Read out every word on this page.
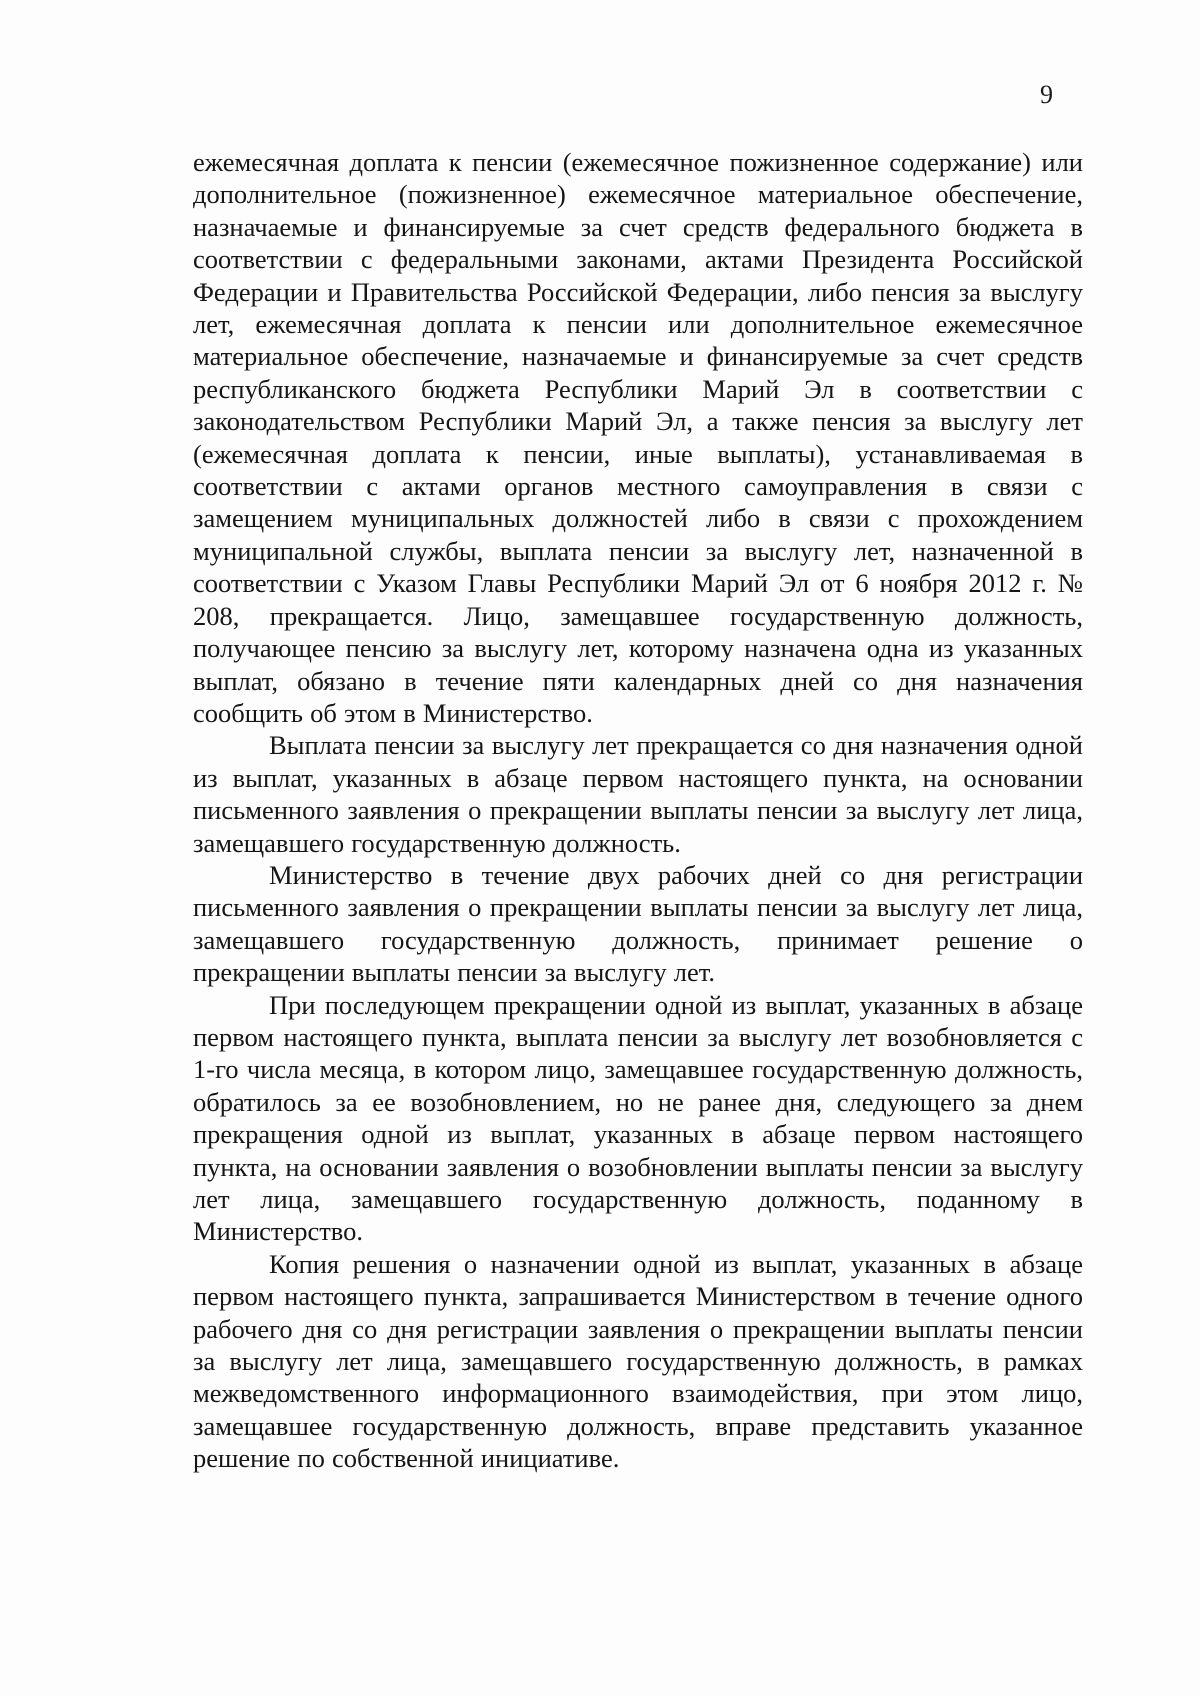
9

ежемесячная доплата к пенсии (ежемесячное пожизненное содержание) или дополнительное (пожизненное) ежемесячное материальное обеспечение, назначаемые и финансируемые за счет средств федерального бюджета в соответствии с федеральными законами, актами Президента Российской Федерации и Правительства Российской Федерации, либо пенсия за выслугу лет, ежемесячная доплата к пенсии или дополнительное ежемесячное материальное обеспечение, назначаемые и финансируемые за счет средств республиканского бюджета Республики Марий Эл в соответствии с законодательством Республики Марий Эл, а также пенсия за выслугу лет (ежемесячная доплата к пенсии, иные выплаты), устанавливаемая в соответствии с актами органов местного самоуправления в связи с замещением муниципальных должностей либо в связи с прохождением муниципальной службы, выплата пенсии за выслугу лет, назначенной в соответствии с Указом Главы Республики Марий Эл от 6 ноября 2012 г. № 208, прекращается. Лицо, замещавшее государственную должность, получающее пенсию за выслугу лет, которому назначена одна из указанных выплат, обязано в течение пяти календарных дней со дня назначения сообщить об этом в Министерство.

Выплата пенсии за выслугу лет прекращается со дня назначения одной из выплат, указанных в абзаце первом настоящего пункта, на основании письменного заявления о прекращении выплаты пенсии за выслугу лет лица, замещавшего государственную должность.

Министерство в течение двух рабочих дней со дня регистрации письменного заявления о прекращении выплаты пенсии за выслугу лет лица, замещавшего государственную должность, принимает решение о прекращении выплаты пенсии за выслугу лет.

При последующем прекращении одной из выплат, указанных в абзаце первом настоящего пункта, выплата пенсии за выслугу лет возобновляется с 1-го числа месяца, в котором лицо, замещавшее государственную должность, обратилось за ее возобновлением, но не ранее дня, следующего за днем прекращения одной из выплат, указанных в абзаце первом настоящего пункта, на основании заявления о возобновлении выплаты пенсии за выслугу лет лица, замещавшего государственную должность, поданному в Министерство.

Копия решения о назначении одной из выплат, указанных в абзаце первом настоящего пункта, запрашивается Министерством в течение одного рабочего дня со дня регистрации заявления о прекращении выплаты пенсии за выслугу лет лица, замещавшего государственную должность, в рамках межведомственного информационного взаимодействия, при этом лицо, замещавшее государственную должность, вправе представить указанное решение по собственной инициативе.
